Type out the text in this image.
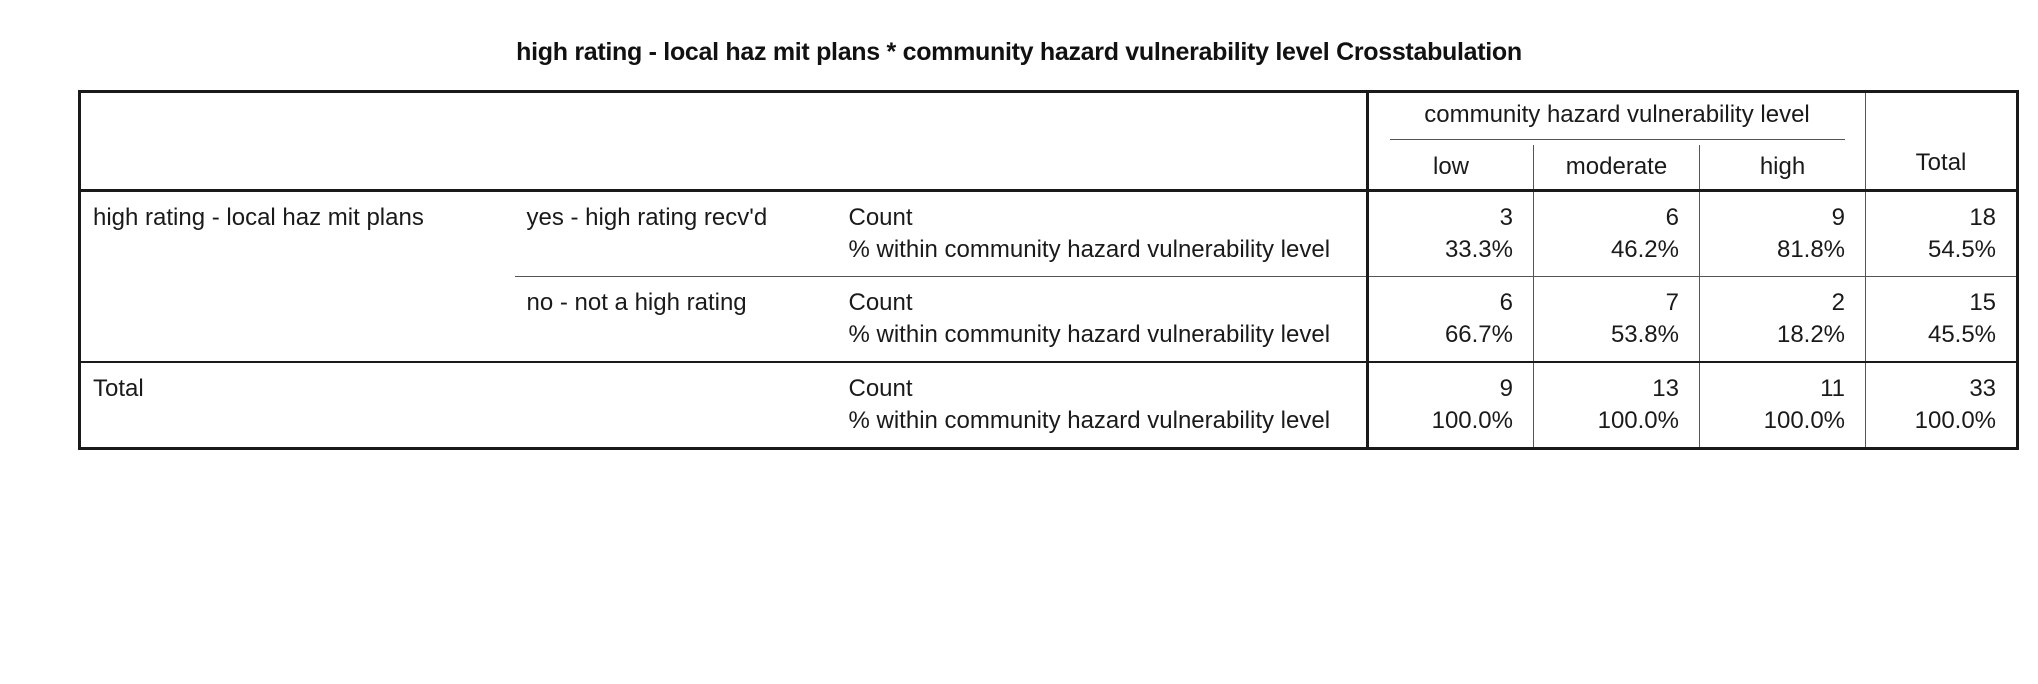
high rating - local haz mit plans * community hazard vulnerability level Crosstabulation
			community hazard vulnerability level			Total
			low	moderate	high	
high rating - local haz mit plans	yes - high rating recv'd	Count	3	6	9	18
		% within community hazard vulnerability level	33.3%	46.2%	81.8%	54.5%
	no - not a high rating	Count	6	7	2	15
		% within community hazard vulnerability level	66.7%	53.8%	18.2%	45.5%
Total		Count	9	13	11	33
		% within community hazard vulnerability level	100.0%	100.0%	100.0%	100.0%
